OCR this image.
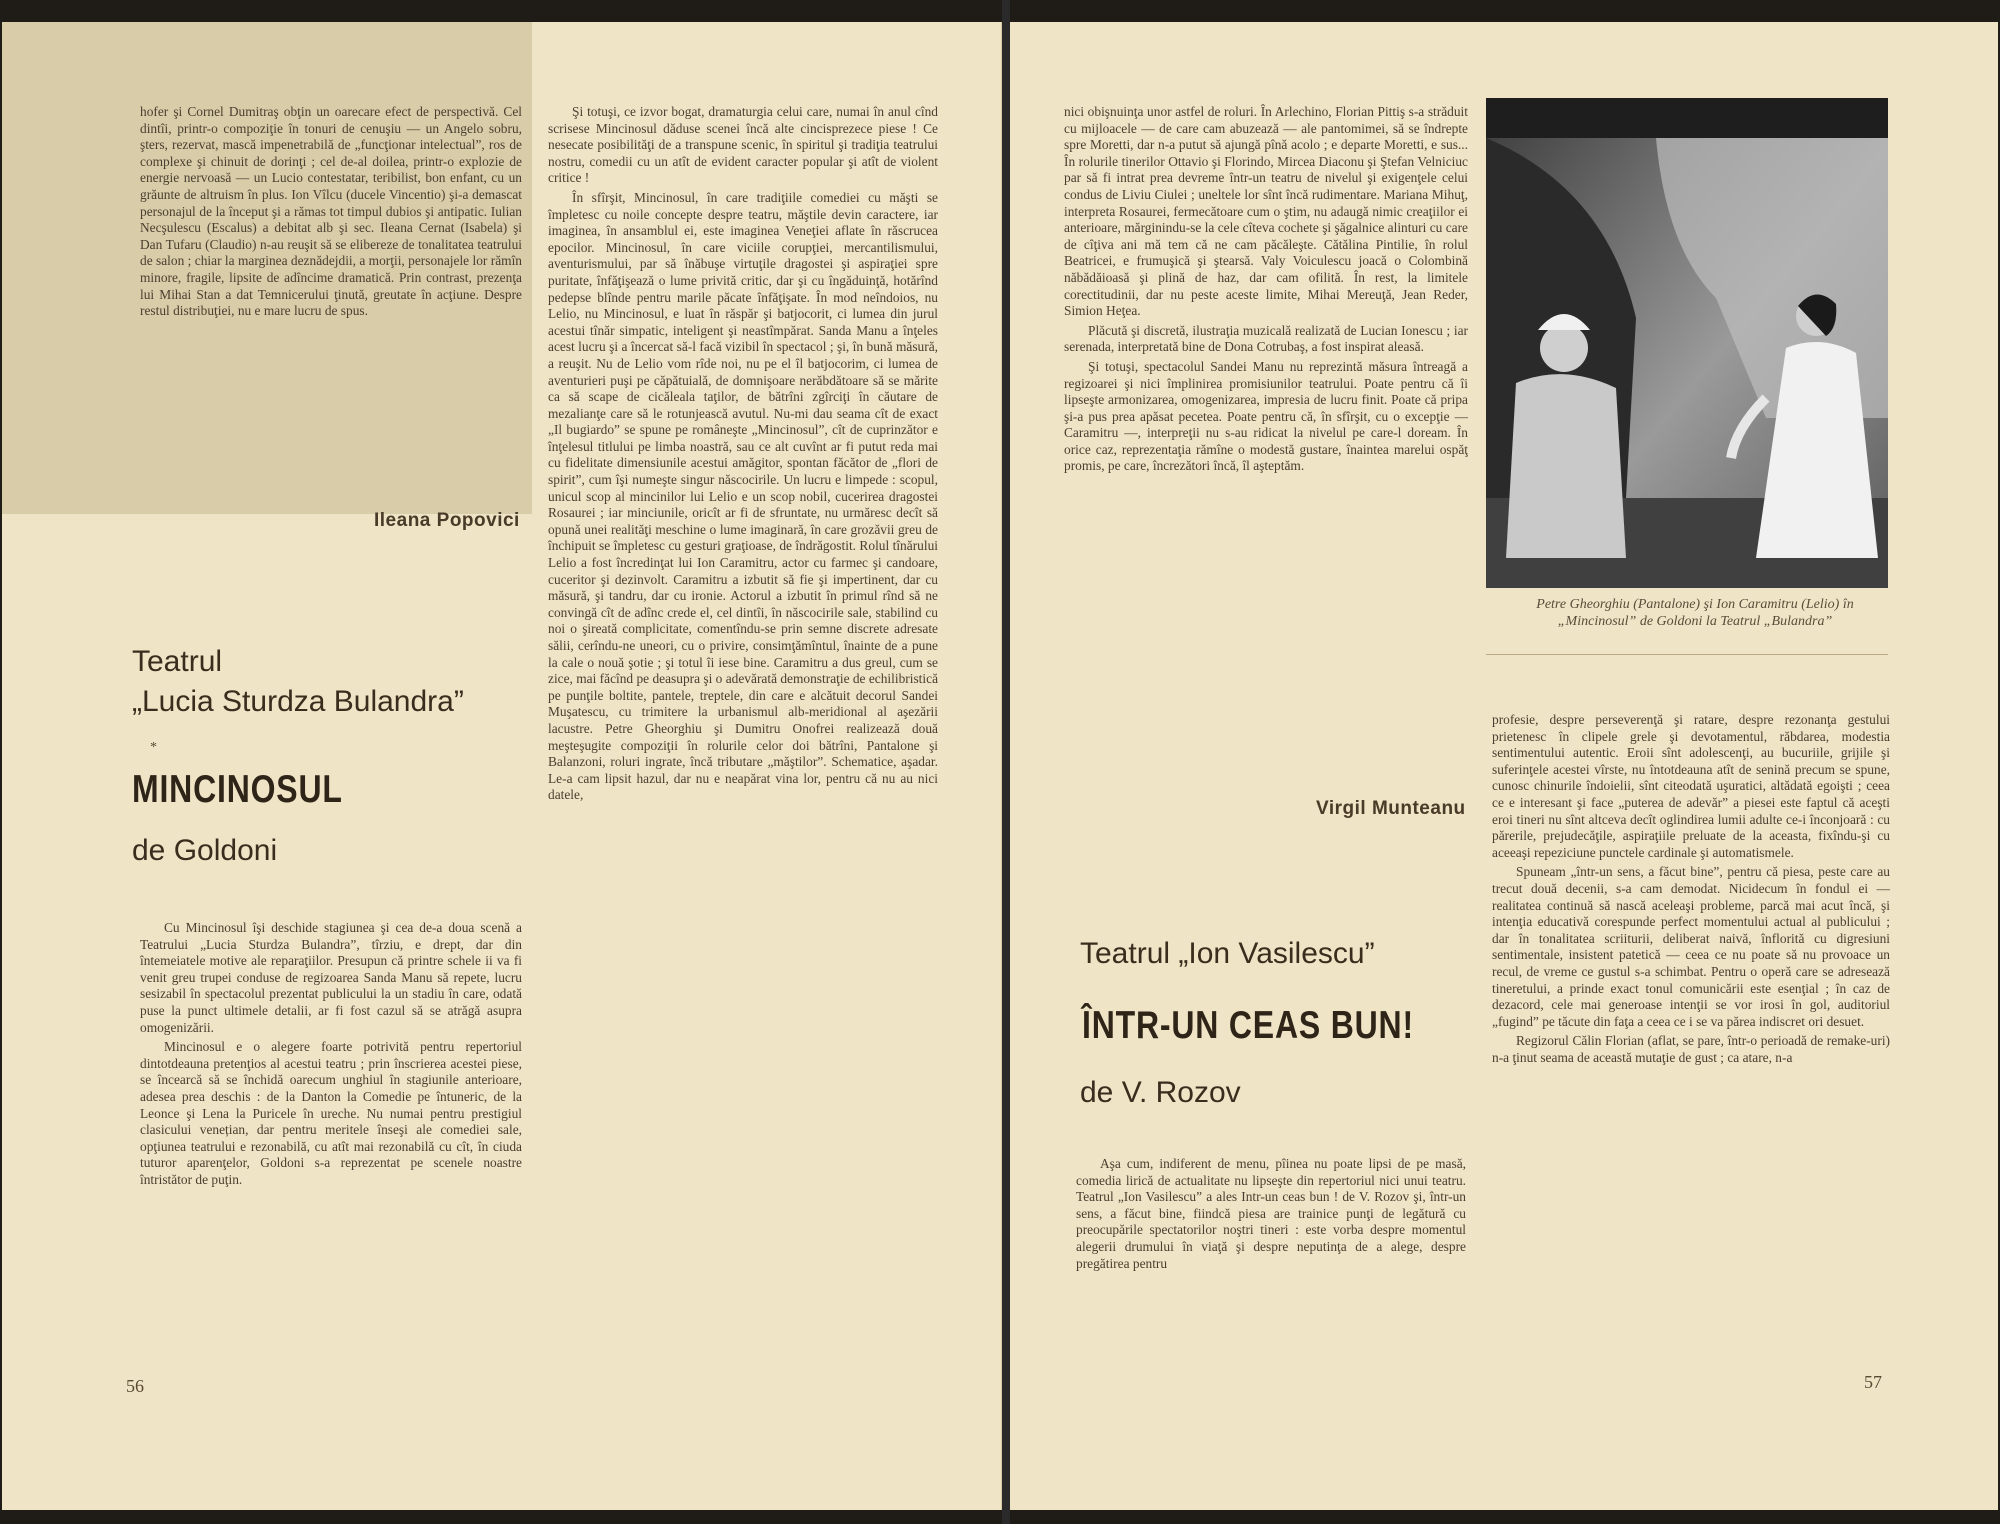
hofer şi Cornel Dumitraş obţin un oarecare efect de perspectivă. Cel dintîi, printr-o compoziţie în tonuri de cenuşiu — un Angelo sobru, şters, rezervat, mască impenetrabilă de „funcţionar intelectual”, ros de complexe şi chinuit de dorinţi ; cel de-al doilea, printr-o explozie de energie nervoasă — un Lucio contestatar, teribilist, bon enfant, cu un grăunte de altruism în plus. Ion Vîlcu (ducele Vincentio) şi-a demascat personajul de la început şi a rămas tot timpul dubios şi antipatic. Iulian Necşulescu (Escalus) a debitat alb şi sec. Ileana Cernat (Isabela) şi Dan Tufaru (Claudio) n-au reuşit să se elibereze de tonalitatea teatrului de salon ; chiar la marginea deznădejdii, a morţii, personajele lor rămîn minore, fragile, lipsite de adîncime dramatică. Prin contrast, prezenţa lui Mihai Stan a dat Temnicerului ţinută, greutate în acţiune. Despre restul distribuţiei, nu e mare lucru de spus.

Ileana Popovici
Teatrul
„Lucia Sturdza Bulandra”
*
MINCINOSUL
de Goldoni

Cu Mincinosul îşi deschide stagiunea şi cea de-a doua scenă a Teatrului „Lucia Sturdza Bulandra”, tîrziu, e drept, dar din întemeiatele motive ale reparaţiilor. Presupun că printre schele ii va fi venit greu trupei conduse de regizoarea Sanda Manu să repete, lucru sesizabil în spectacolul prezentat publicului la un stadiu în care, odată puse la punct ultimele detalii, ar fi fost cazul să se atrăgă asupra omogenizării.

Mincinosul e o alegere foarte potrivită pentru repertoriul dintotdeauna pretenţios al acestui teatru ; prin înscrierea acestei piese, se încearcă să se închidă oarecum unghiul în stagiunile anterioare, adesea prea deschis : de la Danton la Comedie pe întuneric, de la Leonce şi Lena la Puricele în ureche. Nu numai pentru prestigiul clasicului venețian, dar pentru meritele înseşi ale comediei sale, opţiunea teatrului e rezonabilă, cu atît mai rezonabilă cu cît, în ciuda tuturor aparenţelor, Goldoni s-a reprezentat pe scenele noastre întristător de puţin.

Şi totuşi, ce izvor bogat, dramaturgia celui care, numai în anul cînd scrisese Mincinosul dăduse scenei încă alte cincisprezece piese ! Ce nesecate posibilităţi de a transpune scenic, în spiritul şi tradiţia teatrului nostru, comedii cu un atît de evident caracter popular şi atît de violent critice !

În sfîrşit, Mincinosul, în care tradiţiile comediei cu măşti se împletesc cu noile concepte despre teatru, măştile devin caractere, iar imaginea, în ansamblul ei, este imaginea Veneţiei aflate în răscrucea epocilor. Mincinosul, în care viciile corupţiei, mercantilismului, aventurismului, par să înăbuşe virtuţile dragostei şi aspiraţiei spre puritate, înfăţişează o lume privită critic, dar şi cu îngăduinţă, hotărînd pedepse blînde pentru marile păcate înfăţişate. În mod neîndoios, nu Lelio, nu Mincinosul, e luat în răspăr şi batjocorit, ci lumea din jurul acestui tînăr simpatic, inteligent şi neastîmpărat. Sanda Manu a înţeles acest lucru şi a încercat să-l facă vizibil în spectacol ; şi, în bună măsură, a reuşit. Nu de Lelio vom rîde noi, nu pe el îl batjocorim, ci lumea de aventurieri puşi pe căpătuială, de domnişoare nerăbdătoare să se mărite ca să scape de cicăleala taţilor, de bătrîni zgîrciţi în căutare de mezalianţe care să le rotunjească avutul. Nu-mi dau seama cît de exact „Il bugiardo” se spune pe româneşte „Mincinosul”, cît de cuprinzător e înţelesul titlului pe limba noastră, sau ce alt cuvînt ar fi putut reda mai cu fidelitate dimensiunile acestui amăgitor, spontan făcător de „flori de spirit”, cum îşi numeşte singur născocirile. Un lucru e limpede : scopul, unicul scop al mincinilor lui Lelio e un scop nobil, cucerirea dragostei Rosaurei ; iar minciunile, oricît ar fi de sfruntate, nu urmăresc decît să opună unei realităţi meschine o lume imaginară, în care grozăvii greu de închipuit se împletesc cu gesturi graţioase, de îndrăgostit. Rolul tînărului Lelio a fost încredinţat lui Ion Caramitru, actor cu farmec şi candoare, cuceritor şi dezinvolt. Caramitru a izbutit să fie şi impertinent, dar cu măsură, şi tandru, dar cu ironie. Actorul a izbutit în primul rînd să ne convingă cît de adînc crede el, cel dintîi, în născocirile sale, stabilind cu noi o şireată complicitate, comentîndu-se prin semne discrete adresate sălii, cerîndu-ne uneori, cu o privire, consimţămîntul, înainte de a pune la cale o nouă şotie ; şi totul îi iese bine. Caramitru a dus greul, cum se zice, mai făcînd pe deasupra şi o adevărată demonstraţie de echilibristică pe punţile boltite, pantele, treptele, din care e alcătuit decorul Sandei Muşatescu, cu trimitere la urbanismul alb-meridional al aşezării lacustre. Petre Gheorghiu şi Dumitru Onofrei realizează două meşteşugite compoziţii în rolurile celor doi bătrîni, Pantalone şi Balanzoni, roluri ingrate, încă tributare „măştilor”. Schematice, aşadar. Le-a cam lipsit hazul, dar nu e neapărat vina lor, pentru că nu au nici datele,

56

nici obişnuinţa unor astfel de roluri. În Arlechino, Florian Pittiş s-a străduit cu mijloacele — de care cam abuzează — ale pantomimei, să se îndrepte spre Moretti, dar n-a putut să ajungă pînă acolo ; e departe Moretti, e sus... În rolurile tinerilor Ottavio şi Florindo, Mircea Diaconu şi Ştefan Velniciuc par să fi intrat prea devreme într-un teatru de nivelul şi exigenţele celui condus de Liviu Ciulei ; uneltele lor sînt încă rudimentare. Mariana Mihuţ, interpreta Rosaurei, fermecătoare cum o ştim, nu adaugă nimic creaţiilor ei anterioare, mărginindu-se la cele cîteva cochete şi şăgalnice alinturi cu care de cîţiva ani mă tem că ne cam păcăleşte. Cătălina Pintilie, în rolul Beatricei, e frumuşică şi ştearsă. Valy Voiculescu joacă o Colombină năbădăioasă şi plină de haz, dar cam ofilită. În rest, la limitele corectitudinii, dar nu peste aceste limite, Mihai Mereuţă, Jean Reder, Simion Heţea.

Plăcută şi discretă, ilustraţia muzicală realizată de Lucian Ionescu ; iar serenada, interpretată bine de Dona Cotrubaş, a fost inspirat aleasă.

Şi totuşi, spectacolul Sandei Manu nu reprezintă măsura întreagă a regizoarei şi nici împlinirea promisiunilor teatrului. Poate pentru că îi lipseşte armonizarea, omogenizarea, impresia de lucru finit. Poate că pripa şi-a pus prea apăsat pecetea. Poate pentru că, în sfîrşit, cu o excepţie — Caramitru —, interpreţii nu s-au ridicat la nivelul pe care-l doream. În orice caz, reprezentaţia rămîne o modestă gustare, înaintea marelui ospăţ promis, pe care, încrezători încă, îl aşteptăm.

Virgil Munteanu
Teatrul „Ion Vasilescu”
ÎNTR-UN CEAS BUN!
de V. Rozov

Aşa cum, indiferent de menu, pîinea nu poate lipsi de pe masă, comedia lirică de actualitate nu lipseşte din repertoriul nici unui teatru. Teatrul „Ion Vasilescu” a ales Intr-un ceas bun ! de V. Rozov şi, într-un sens, a făcut bine, fiindcă piesa are trainice punţi de legătură cu preocupările spectatorilor noştri tineri : este vorba despre momentul alegerii drumului în viaţă şi despre neputinţa de a alege, despre pregătirea pentru

Petre Gheorghiu (Pantalone) şi Ion Caramitru (Lelio) în „Mincinosul” de Goldoni la Teatrul „Bulandra”

profesie, despre perseverenţă şi ratare, despre rezonanţa gestului prietenesc în clipele grele şi devotamentul, răbdarea, modestia sentimentului autentic. Eroii sînt adolescenţi, au bucuriile, grijile şi suferinţele acestei vîrste, nu întotdeauna atît de senină precum se spune, cunosc chinurile îndoielii, sînt citeodată uşuratici, altădată egoişti ; ceea ce e interesant şi face „puterea de adevăr” a piesei este faptul că aceşti eroi tineri nu sînt altceva decît oglindirea lumii adulte ce-i înconjoară : cu părerile, prejudecăţile, aspiraţiile preluate de la aceasta, fixîndu-şi cu aceeaşi repeziciune punctele cardinale şi automatismele.

Spuneam „într-un sens, a făcut bine”, pentru că piesa, peste care au trecut două decenii, s-a cam demodat. Nicidecum în fondul ei — realitatea continuă să nască aceleaşi probleme, parcă mai acut încă, şi intenţia educativă corespunde perfect momentului actual al publicului ; dar în tonalitatea scriiturii, deliberat naivă, înflorită cu digresiuni sentimentale, insistent patetică — ceea ce nu poate să nu provoace un recul, de vreme ce gustul s-a schimbat. Pentru o operă care se adresează tineretului, a prinde exact tonul comunicării este esenţial ; în caz de dezacord, cele mai generoase intenţii se vor irosi în gol, auditoriul „fugind” pe tăcute din faţa a ceea ce i se va părea indiscret ori desuet.

Regizorul Călin Florian (aflat, se pare, într-o perioadă de remake-uri) n-a ţinut seama de această mutaţie de gust ; ca atare, n-a

57
